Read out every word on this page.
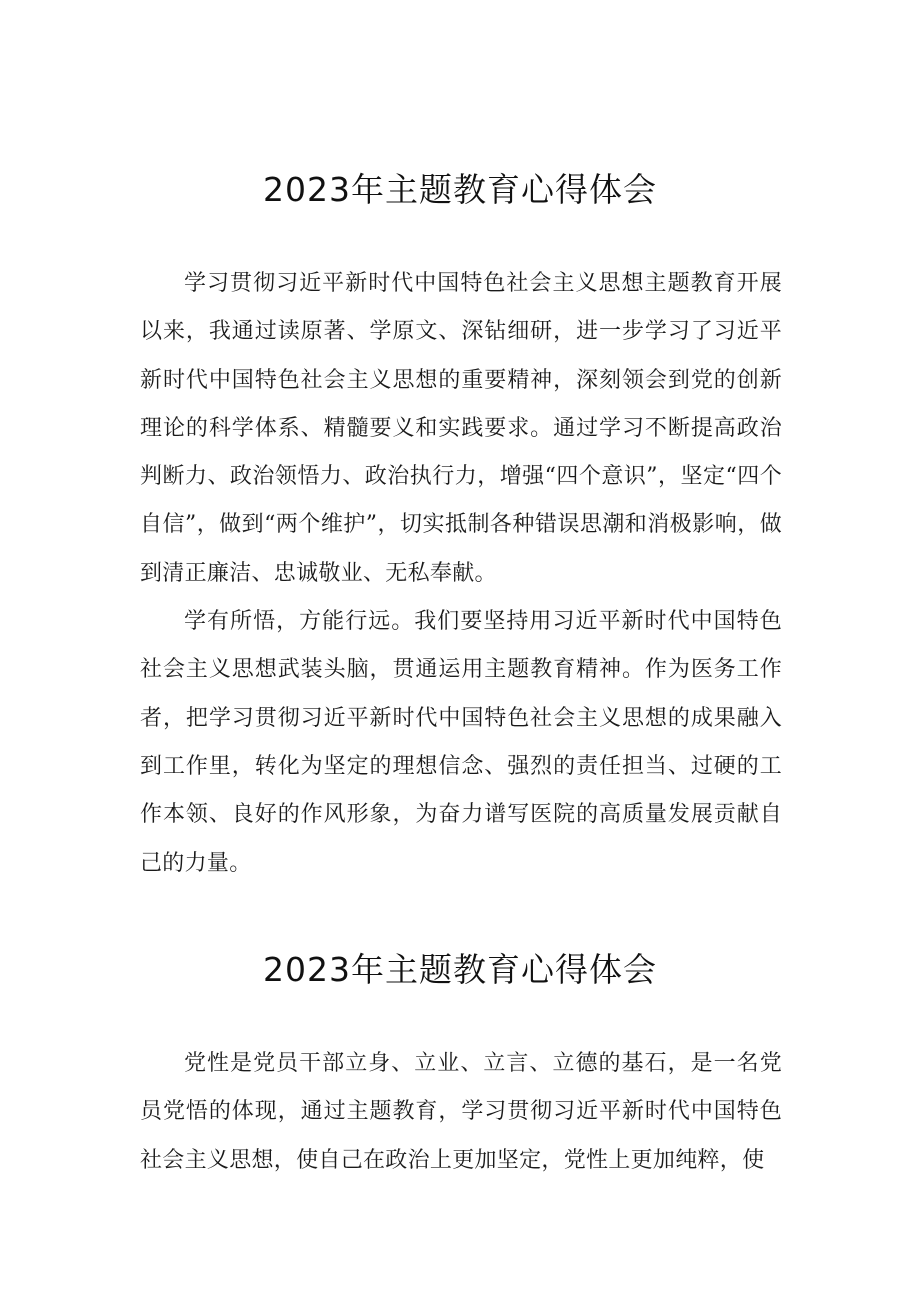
2023年主题教育心得体会

学习贯彻习近平新时代中国特色社会主义思想主题教育开展以来，我通过读原著、学原文、深钻细研，进一步学习了习近平新时代中国特色社会主义思想的重要精神，深刻领会到党的创新理论的科学体系、精髓要义和实践要求。通过学习不断提高政治判断力、政治领悟力、政治执行力，增强“四个意识”，坚定“四个自信”，做到“两个维护”，切实抵制各种错误思潮和消极影响，做到清正廉洁、忠诚敬业、无私奉献。

学有所悟，方能行远。我们要坚持用习近平新时代中国特色社会主义思想武装头脑，贯通运用主题教育精神。作为医务工作者，把学习贯彻习近平新时代中国特色社会主义思想的成果融入到工作里，转化为坚定的理想信念、强烈的责任担当、过硬的工作本领、良好的作风形象，为奋力谱写医院的高质量发展贡献自己的力量。

2023年主题教育心得体会

党性是党员干部立身、立业、立言、立德的基石，是一名党员党悟的体现，通过主题教育，学习贯彻习近平新时代中国特色社会主义思想，使自己在政治上更加坚定，党性上更加纯粹，使
